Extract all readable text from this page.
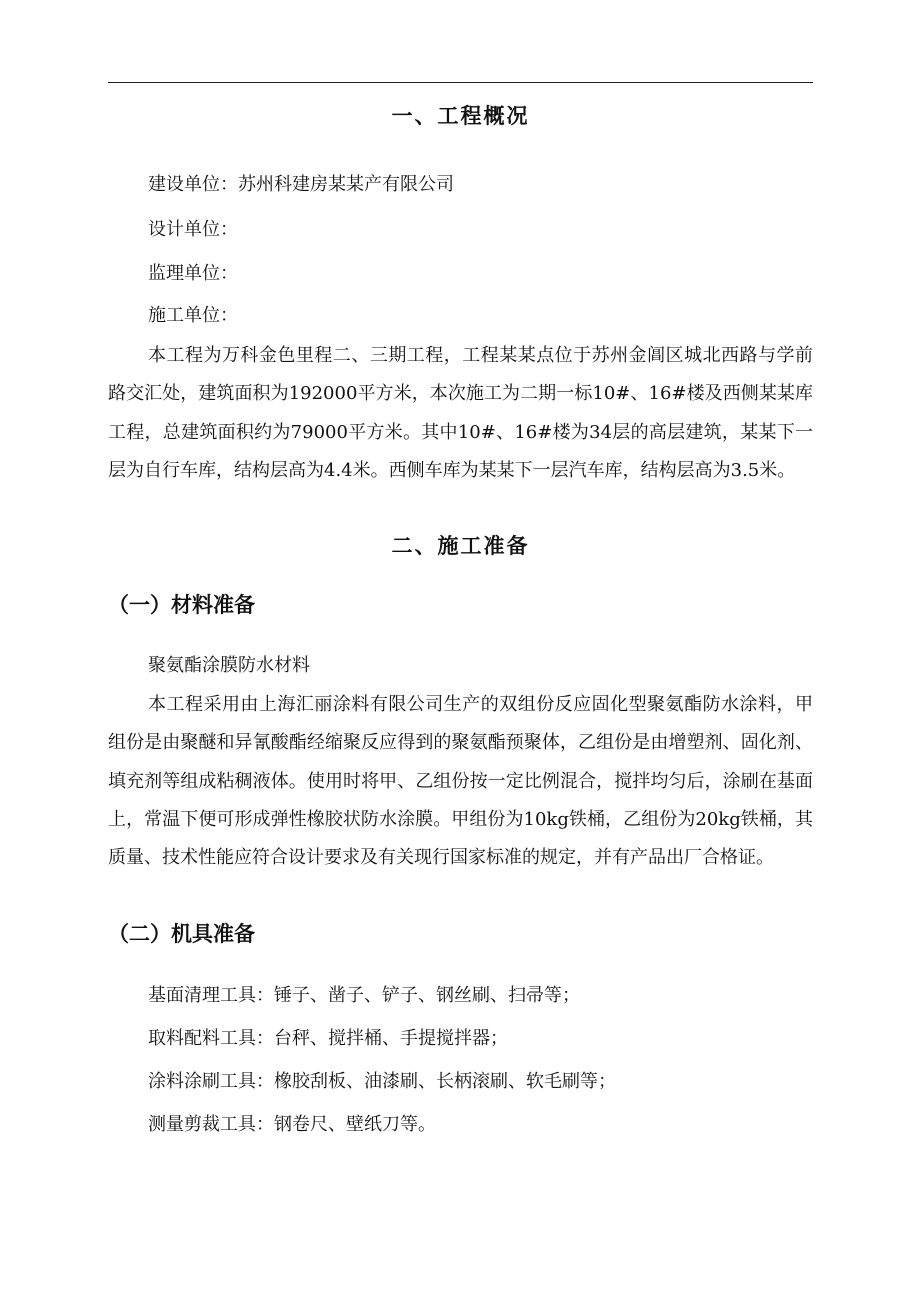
一、工程概况
建设单位：苏州科建房某某产有限公司
设计单位：
监理单位：
施工单位：
本工程为万科金色里程二、三期工程，工程某某点位于苏州金阊区城北西路与学前路交汇处，建筑面积为192000平方米，本次施工为二期一标10#、16#楼及西侧某某库工程，总建筑面积约为79000平方米。其中10#、16#楼为34层的高层建筑，某某下一层为自行车库，结构层高为4.4米。西侧车库为某某下一层汽车库，结构层高为3.5米。
二、施工准备
（一）材料准备
聚氨酯涂膜防水材料
本工程采用由上海汇丽涂料有限公司生产的双组份反应固化型聚氨酯防水涂料，甲组份是由聚醚和异氰酸酯经缩聚反应得到的聚氨酯预聚体，乙组份是由增塑剂、固化剂、填充剂等组成粘稠液体。使用时将甲、乙组份按一定比例混合，搅拌均匀后，涂刷在基面上，常温下便可形成弹性橡胶状防水涂膜。甲组份为10kg铁桶，乙组份为20kg铁桶，其质量、技术性能应符合设计要求及有关现行国家标准的规定，并有产品出厂合格证。
（二）机具准备
基面清理工具：锤子、凿子、铲子、钢丝刷、扫帚等；
取料配料工具：台秤、搅拌桶、手提搅拌器；
涂料涂刷工具：橡胶刮板、油漆刷、长柄滚刷、软毛刷等；
测量剪裁工具：钢卷尺、壁纸刀等。
